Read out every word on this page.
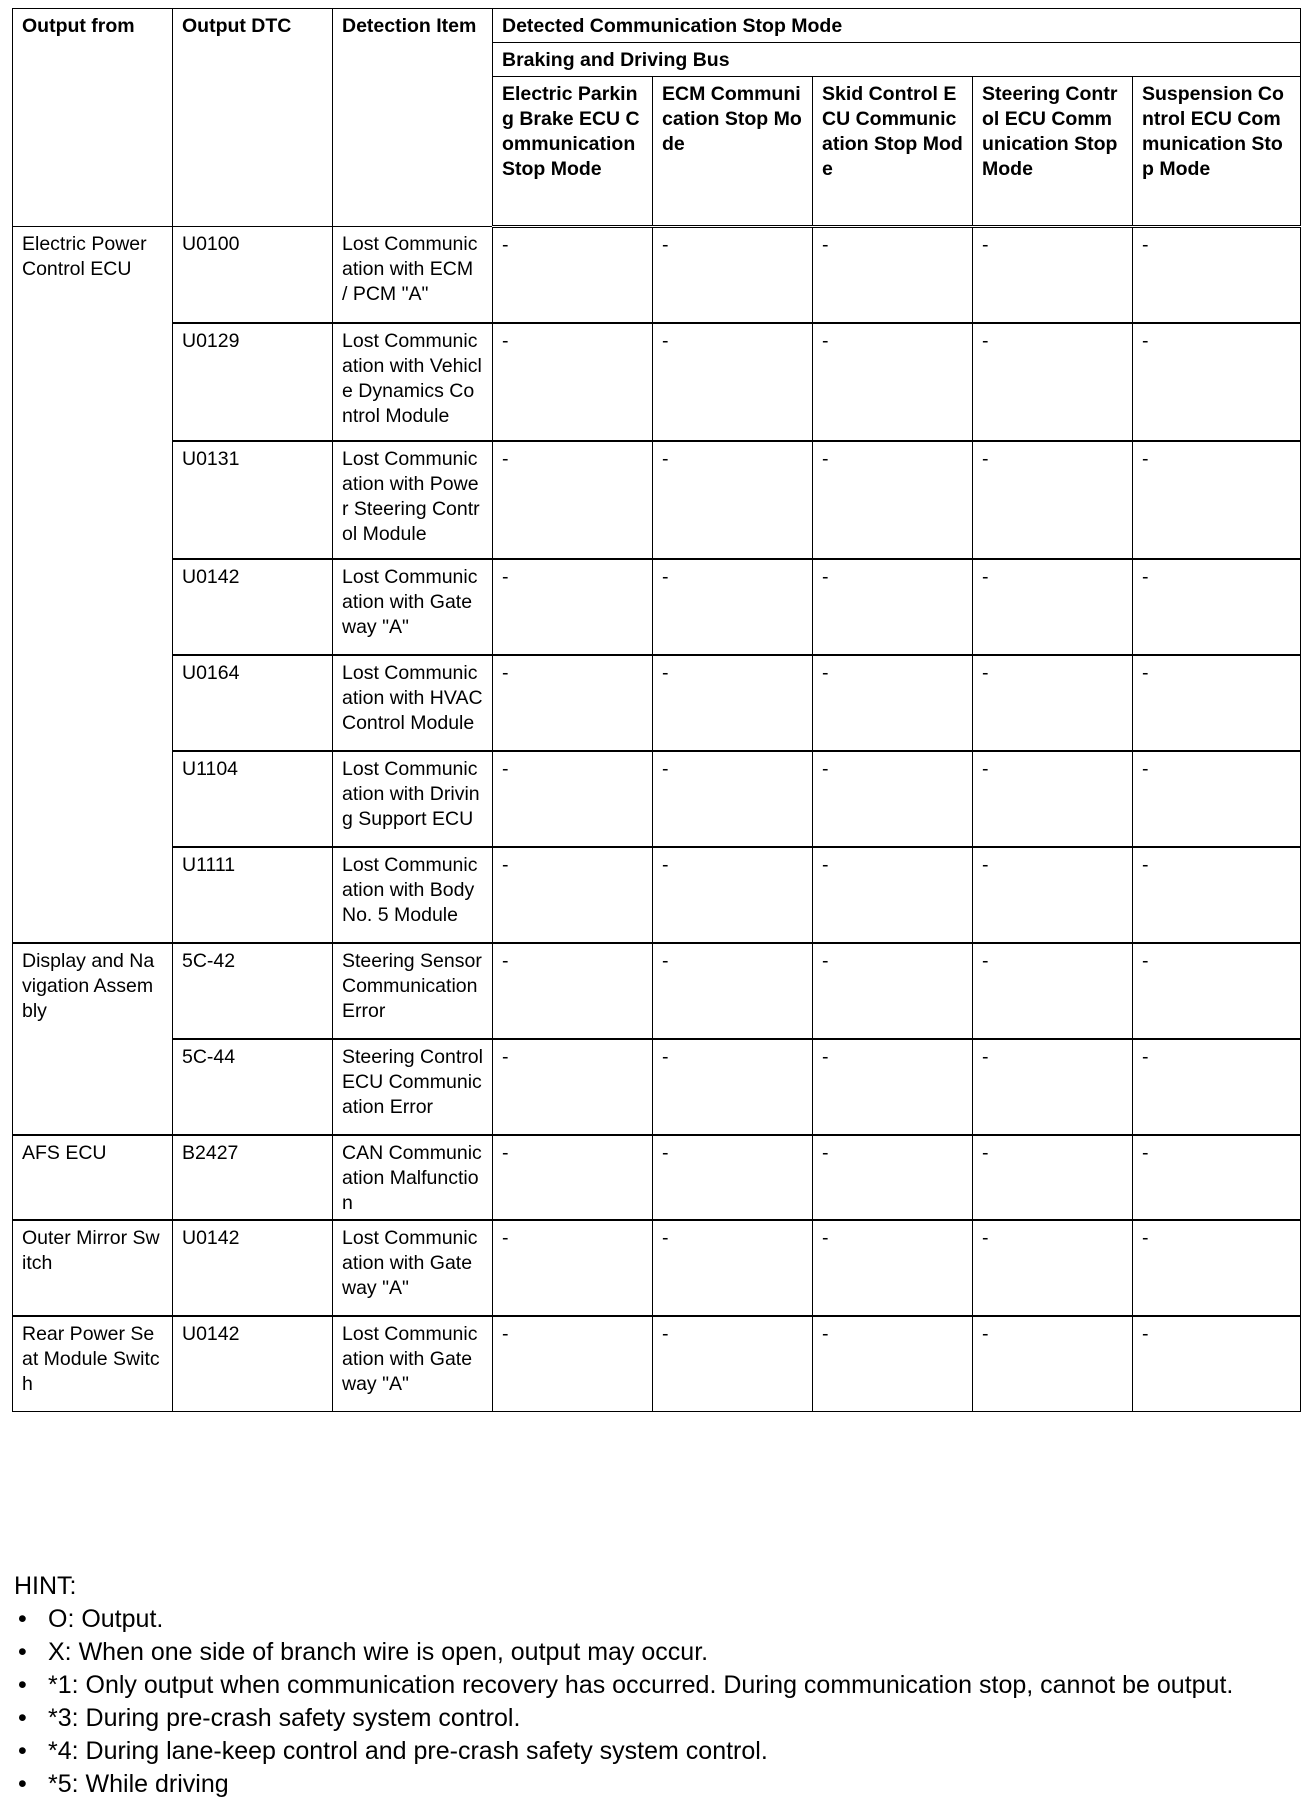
Output from	Output DTC	Detection Item	Detected Communication Stop Mode				
			Braking and Driving Bus				
			Electric Parking Brake ECU Communication Stop Mode	ECM Communication Stop Mode	Skid Control ECU Communication Stop Mode	Steering Control ECU Communication Stop Mode	Suspension Control ECU Communication Stop Mode
Electric Power Control ECU	U0100	Lost Communication with ECM / PCM "A"	-	-	-	-	-
	U0129	Lost Communication with Vehicle Dynamics Control Module	-	-	-	-	-
	U0131	Lost Communication with Power Steering Control Module	-	-	-	-	-
	U0142	Lost Communication with Gateway "A"	-	-	-	-	-
	U0164	Lost Communication with HVAC Control Module	-	-	-	-	-
	U1104	Lost Communication with Driving Support ECU	-	-	-	-	-
	U1111	Lost Communication with Body No. 5 Module	-	-	-	-	-
Display and Navigation Assembly	5C-42	Steering Sensor Communication Error	-	-	-	-	-
	5C-44	Steering Control ECU Communication Error	-	-	-	-	-
AFS ECU	B2427	CAN Communication Malfunction	-	-	-	-	-
Outer Mirror Switch	U0142	Lost Communication with Gateway "A"	-	-	-	-	-
Rear Power Seat Module Switch	U0142	Lost Communication with Gateway "A"	-	-	-	-	-
HINT:
• O: Output.
• X: When one side of branch wire is open, output may occur.
• *1: Only output when communication recovery has occurred. During communication stop, cannot be output.
• *3: During pre-crash safety system control.
• *4: During lane-keep control and pre-crash safety system control.
• *5: While driving
